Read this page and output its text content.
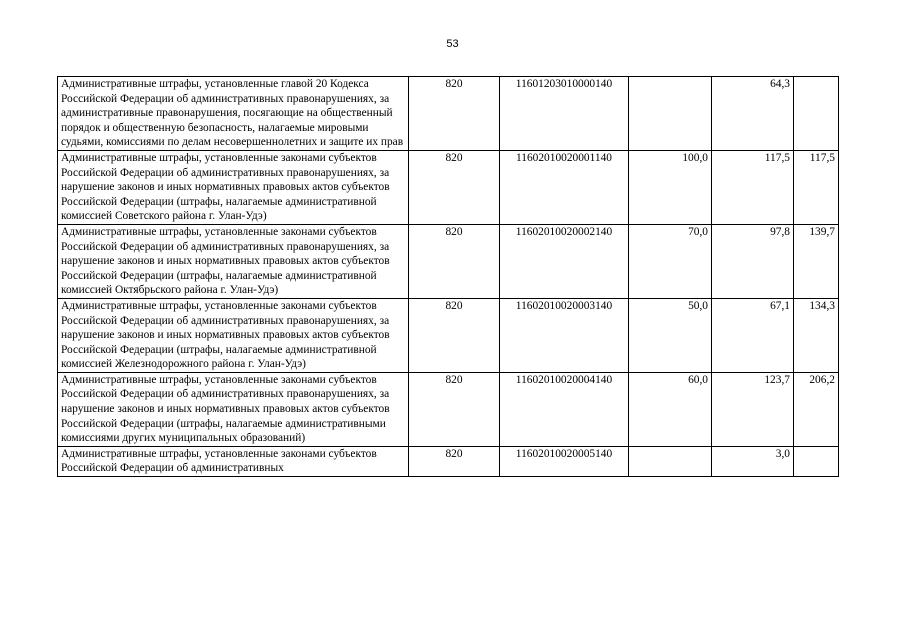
53
Административные штрафы, установленные главой 20 Кодекса Российской Федерации об административных правонарушениях, за административные правонарушения, посягающие на общественный порядок и общественную безопасность, налагаемые мировыми судьями, комиссиями по делам несовершеннолетних и защите их прав	820	11601203010000140		64,3	
Административные штрафы, установленные законами субъектов Российской Федерации об административных правонарушениях, за нарушение законов и иных нормативных правовых актов субъектов Российской Федерации (штрафы, налагаемые административной комиссией Советского района г. Улан-Удэ)	820	11602010020001140	100,0	117,5	117,5
Административные штрафы, установленные законами субъектов Российской Федерации об административных правонарушениях, за нарушение законов и иных нормативных правовых актов субъектов Российской Федерации (штрафы, налагаемые административной комиссией Октябрьского района г. Улан-Удэ)	820	11602010020002140	70,0	97,8	139,7
Административные штрафы, установленные законами субъектов Российской Федерации об административных правонарушениях, за нарушение законов и иных нормативных правовых актов субъектов Российской Федерации (штрафы, налагаемые административной комиссией Железнодорожного района г. Улан-Удэ)	820	11602010020003140	50,0	67,1	134,3
Административные штрафы, установленные законами субъектов Российской Федерации об административных правонарушениях, за нарушение законов и иных нормативных правовых актов субъектов Российской Федерации (штрафы, налагаемые административными комиссиями других муниципальных образований)	820	11602010020004140	60,0	123,7	206,2
Административные штрафы, установленные законами субъектов Российской Федерации об административных	820	11602010020005140		3,0	
